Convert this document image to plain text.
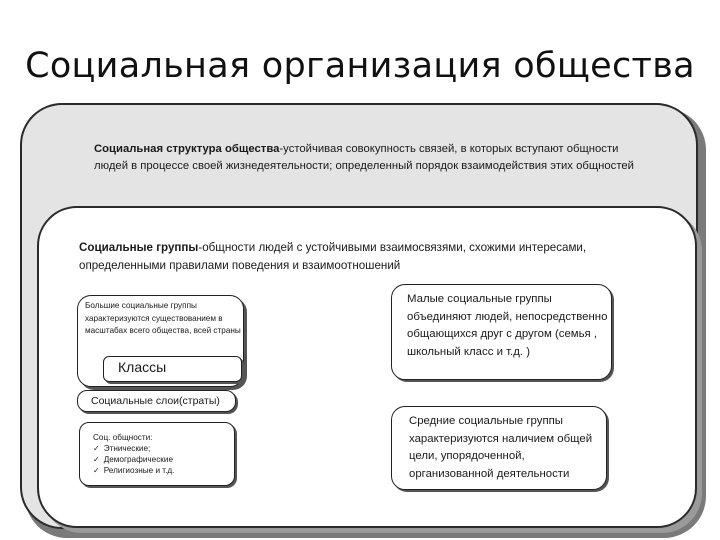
Социальная организация общества
Социальная структура общества-устойчивая совокупность связей, в которых вступают общности людей в процессе своей жизнедеятельности; определенный порядок взаимодействия этих общностей
Социальные группы-общности людей с устойчивыми взаимосвязями, схожими интересами, определенными правилами поведения и взаимоотношений
Большие социальные группы характеризуются существованием в масштабах всего общества, всей страны
Классы
Социальные слои(страты)
Соц. общности:
✓ Этнические;
✓ Демографические
✓ Религиозные и т.д.
Малые социальные группы объединяют людей, непосредственно общающихся друг с другом (семья , школьный класс и т.д. )
Средние социальные группы характеризуются наличием общей цели, упорядоченной, организованной деятельности
